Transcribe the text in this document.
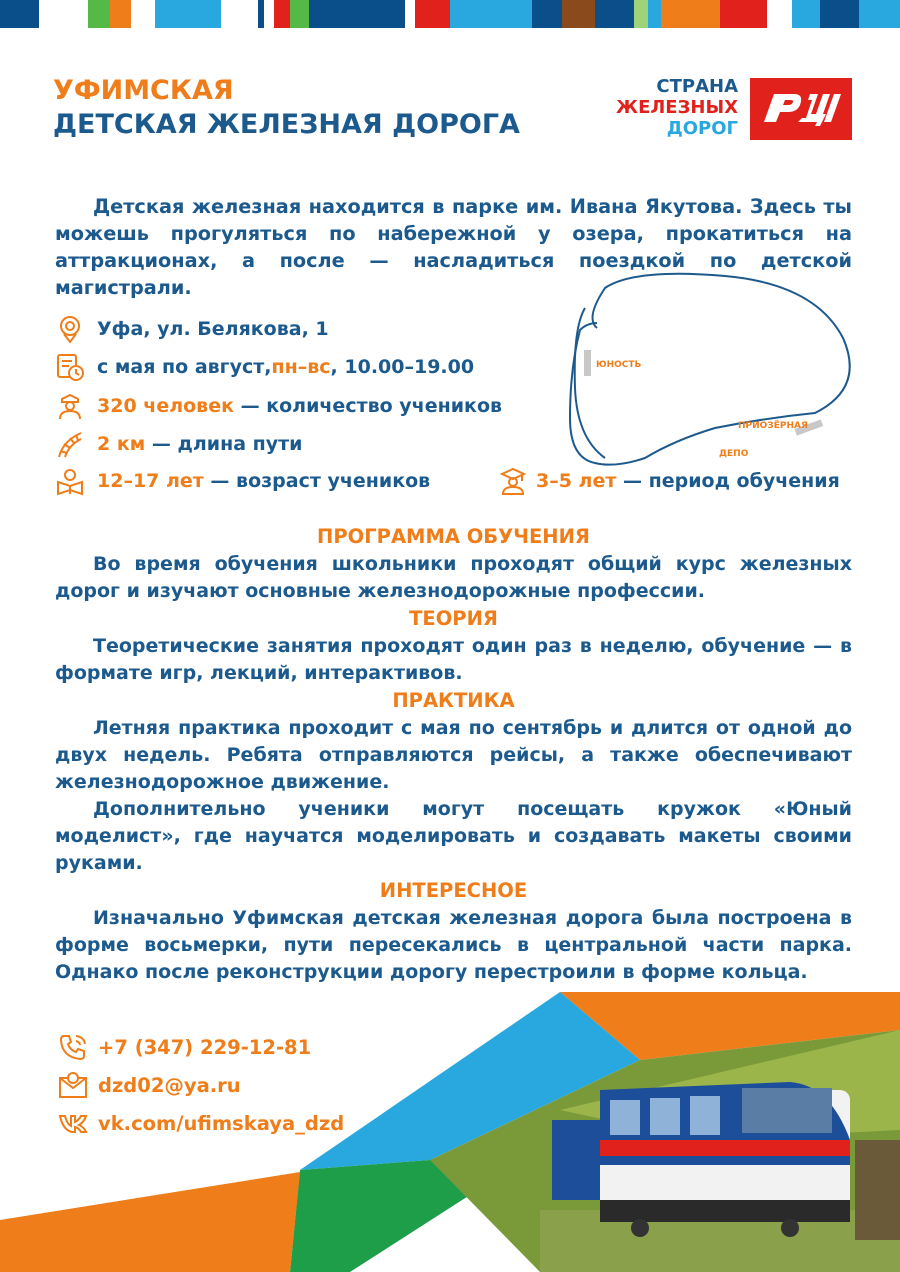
УФИМСКАЯ
ДЕТСКАЯ ЖЕЛЕЗНАЯ ДОРОГА
СТРАНА
ЖЕЛЕЗНЫХ
ДОРОГ

Детская железная находится в парке им. Ивана Якутова. Здесь ты можешь прогуляться по набережной у озера, прокатиться на аттракционах, а после — насладиться поездкой по детской магистрали.

ЮНОСТЬ
ПРИОЗЁРНАЯ
ДЕПО
Уфа, ул. Белякова, 1
с мая по август, пн–вс , 10.00–19.00
320 человек — количество учеников
2 км — длина пути
12–17 лет — возраст учеников	3–5 лет — период обучения
ПРОГРАММА ОБУЧЕНИЯ

Во время обучения школьники проходят общий курс железных дорог и изучают основные железнодорожные профессии.

ТЕОРИЯ

Теоретические занятия проходят один раз в неделю, обучение — в формате игр, лекций, интерактивов.

ПРАКТИКА

Летняя практика проходит с мая по сентябрь и длится от одной до двух недель. Ребята отправляются рейсы, а также обеспечивают железнодорожное движение.

Дополнительно ученики могут посещать кружок «Юный моделист», где научатся моделировать и создавать макеты своими руками.

ИНТЕРЕСНОЕ

Изначально Уфимская детская железная дорога была построена в форме восьмерки, пути пересекались в центральной части парка. Однако после реконструкции дорогу перестроили в форме кольца.

+7 (347) 229-12-81
dzd02@ya.ru
vk.com/ufimskaya_dzd
